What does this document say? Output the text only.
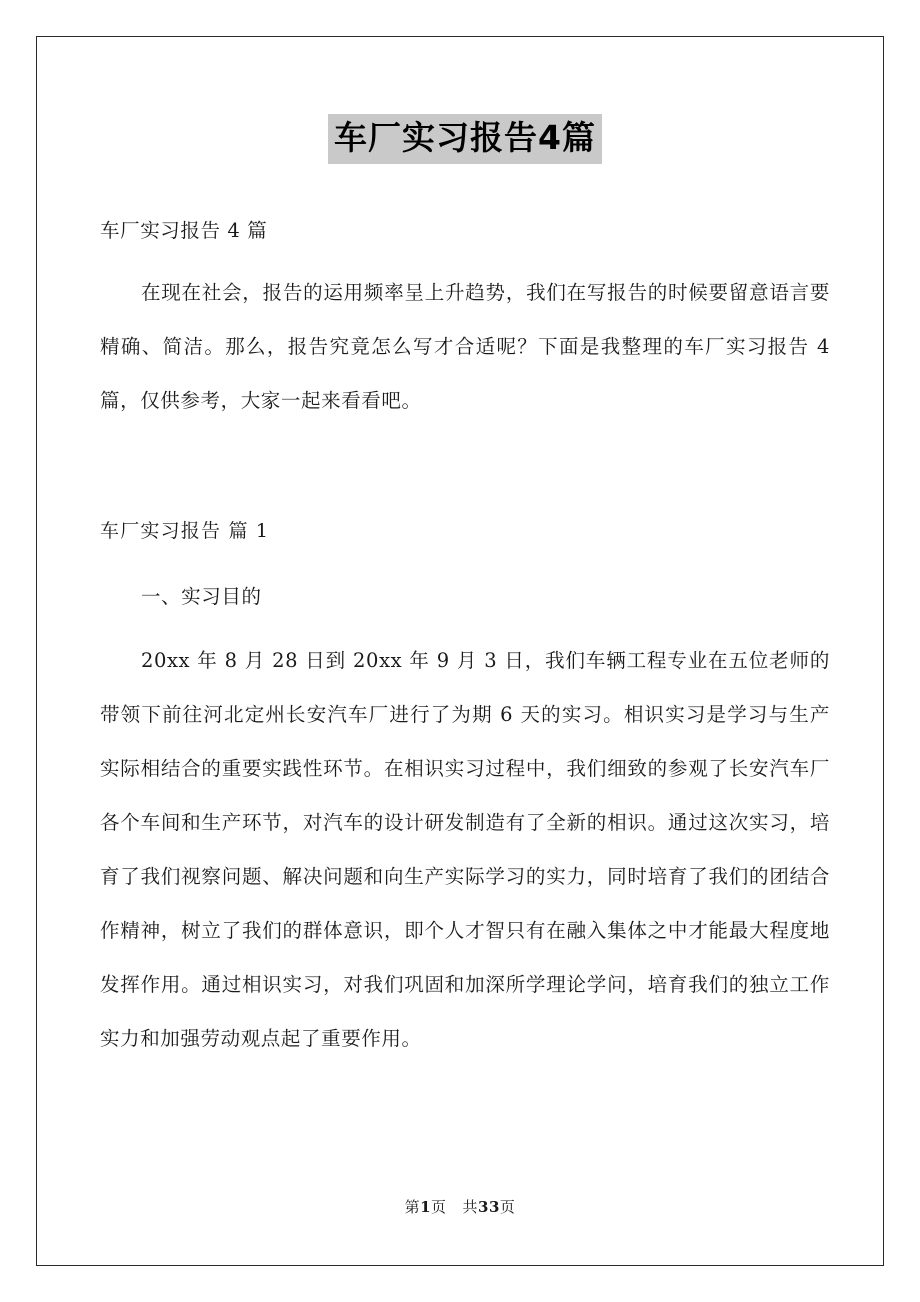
车厂实习报告4篇
车厂实习报告 4 篇
在现在社会，报告的运用频率呈上升趋势，我们在写报告的时候要留意语言要精确、简洁。那么，报告究竟怎么写才合适呢？下面是我整理的车厂实习报告 4 篇，仅供参考，大家一起来看看吧。
车厂实习报告 篇 1
一、实习目的
20xx 年 8 月 28 日到 20xx 年 9 月 3 日，我们车辆工程专业在五位老师的带领下前往河北定州长安汽车厂进行了为期 6 天的实习。相识实习是学习与生产实际相结合的重要实践性环节。在相识实习过程中，我们细致的参观了长安汽车厂各个车间和生产环节，对汽车的设计研发制造有了全新的相识。通过这次实习，培育了我们视察问题、解决问题和向生产实际学习的实力，同时培育了我们的团结合作精神，树立了我们的群体意识，即个人才智只有在融入集体之中才能最大程度地发挥作用。通过相识实习，对我们巩固和加深所学理论学问，培育我们的独立工作实力和加强劳动观点起了重要作用。
第1页 共33页
